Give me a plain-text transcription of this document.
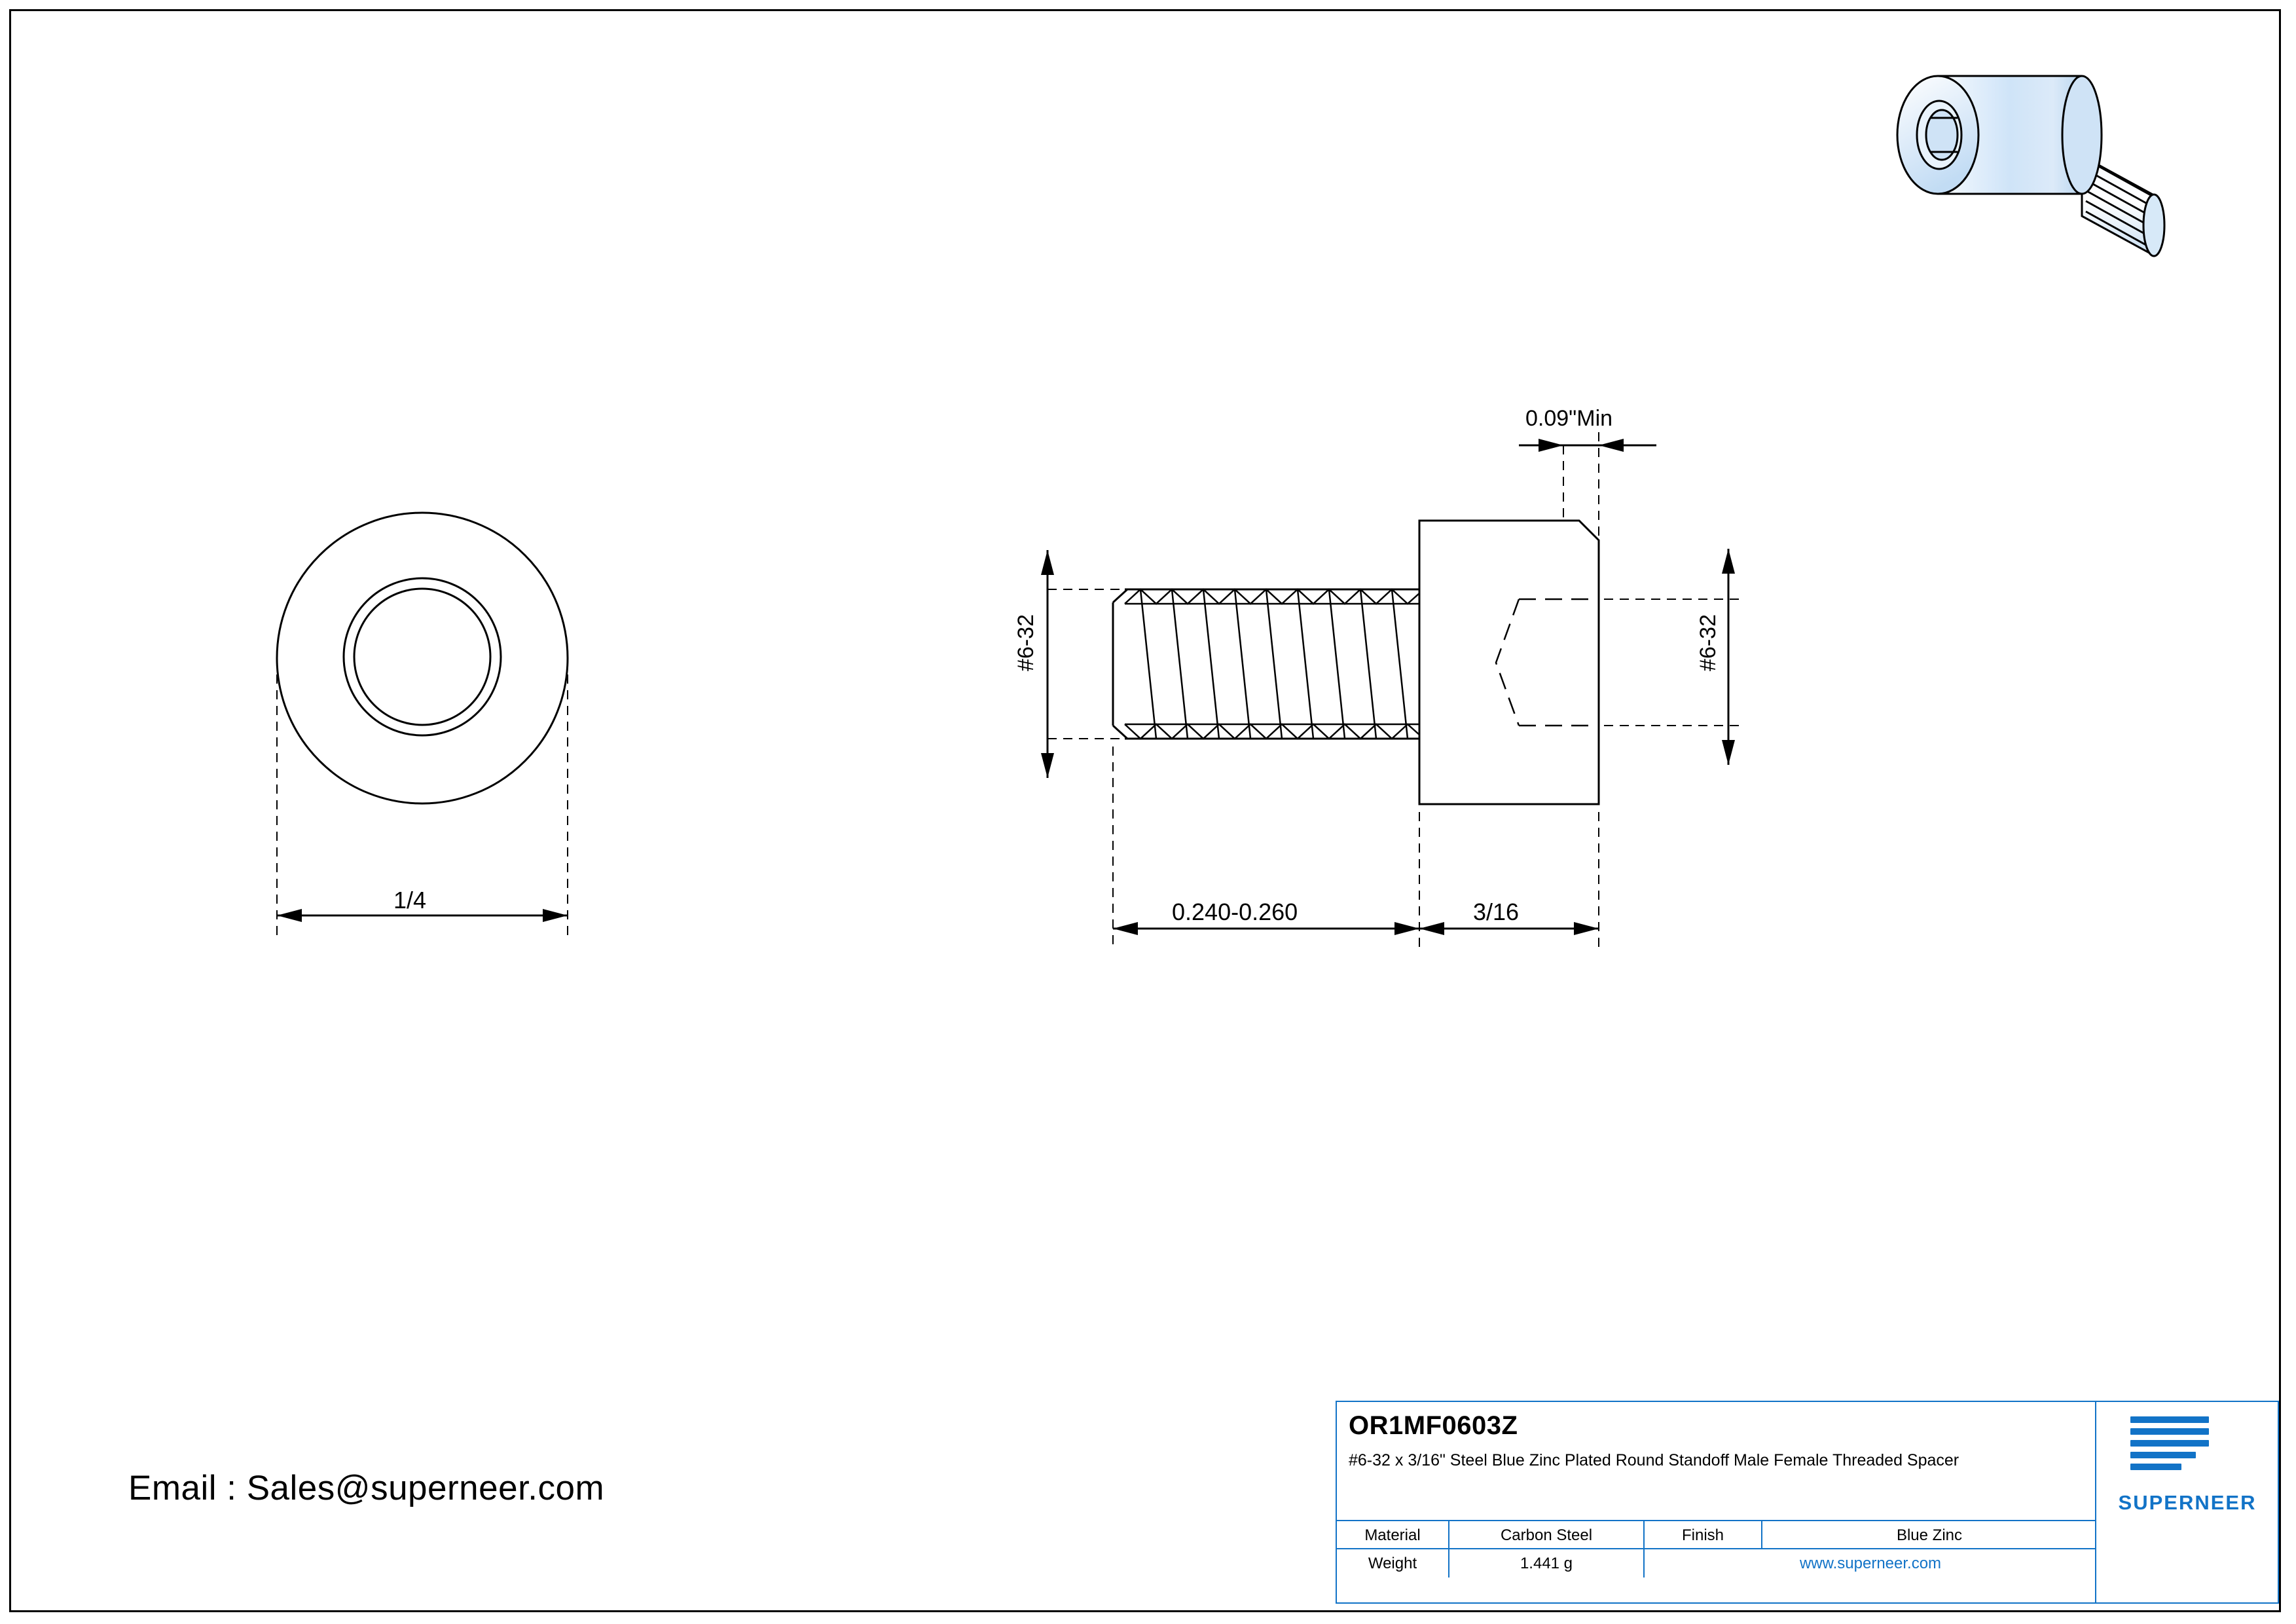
1/4
0.09"Min
#6-32	#6-32
0.240-0.260	3/16
Email : Sales@superneer.com
OR1MF0603Z
#6-32 x 3/16" Steel Blue Zinc Plated Round Standoff Male Female Threaded Spacer
Material	Carbon Steel	Finish	Blue Zinc
Weight	1.441 g	www.superneer.com
SUPERNEER
